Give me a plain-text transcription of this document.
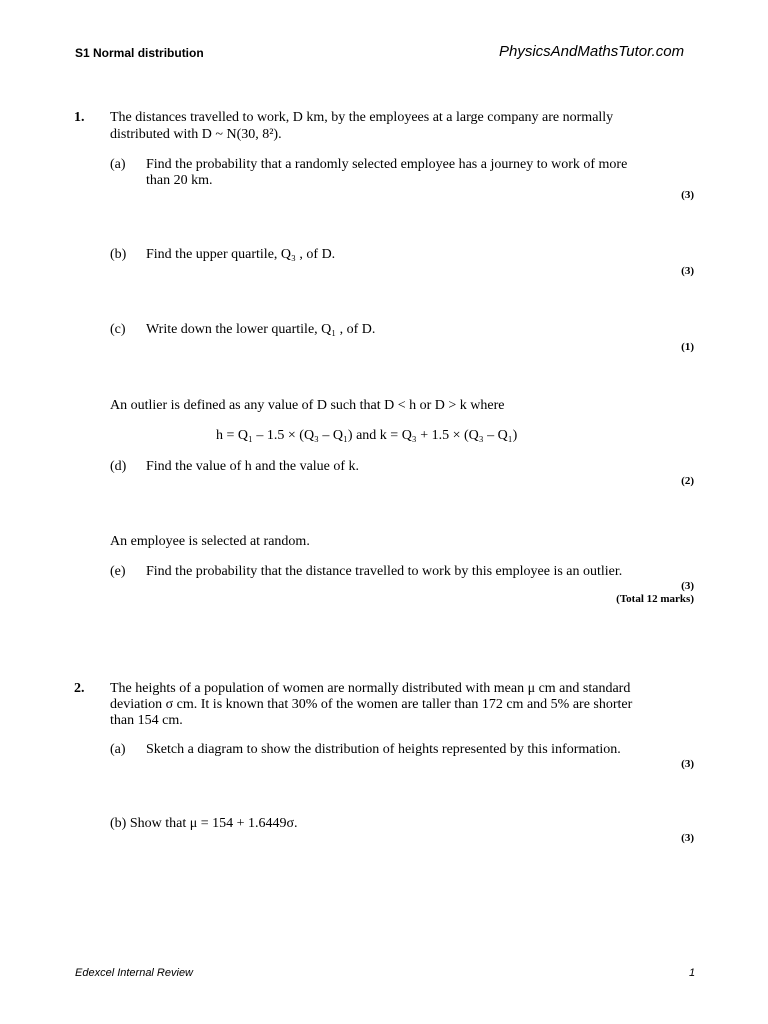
S1 Normal distribution	PhysicsAndMathsTutor.com
1. The distances travelled to work, D km, by the employees at a large company are normally
distributed with D ~ N(30, 8²).
(a) Find the probability that a randomly selected employee has a journey to work of more
than 20 km.
(3)
(b) Find the upper quartile, Q₃ , of D.
(3)
(c) Write down the lower quartile, Q₁ , of D.
(1)
An outlier is defined as any value of D such that D < h or D > k where
h = Q₁ – 1.5 × (Q₃ – Q₁) and k = Q₃ + 1.5 × (Q₃ – Q₁)
(d) Find the value of h and the value of k.
(2)
An employee is selected at random.
(e) Find the probability that the distance travelled to work by this employee is an outlier.
(3)
(Total 12 marks)
2. The heights of a population of women are normally distributed with mean μ cm and standard
deviation σ cm. It is known that 30% of the women are taller than 172 cm and 5% are shorter
than 154 cm.
(a) Sketch a diagram to show the distribution of heights represented by this information.
(3)
(b) Show that μ = 154 + 1.6449σ.
(3)
Edexcel Internal Review	1
